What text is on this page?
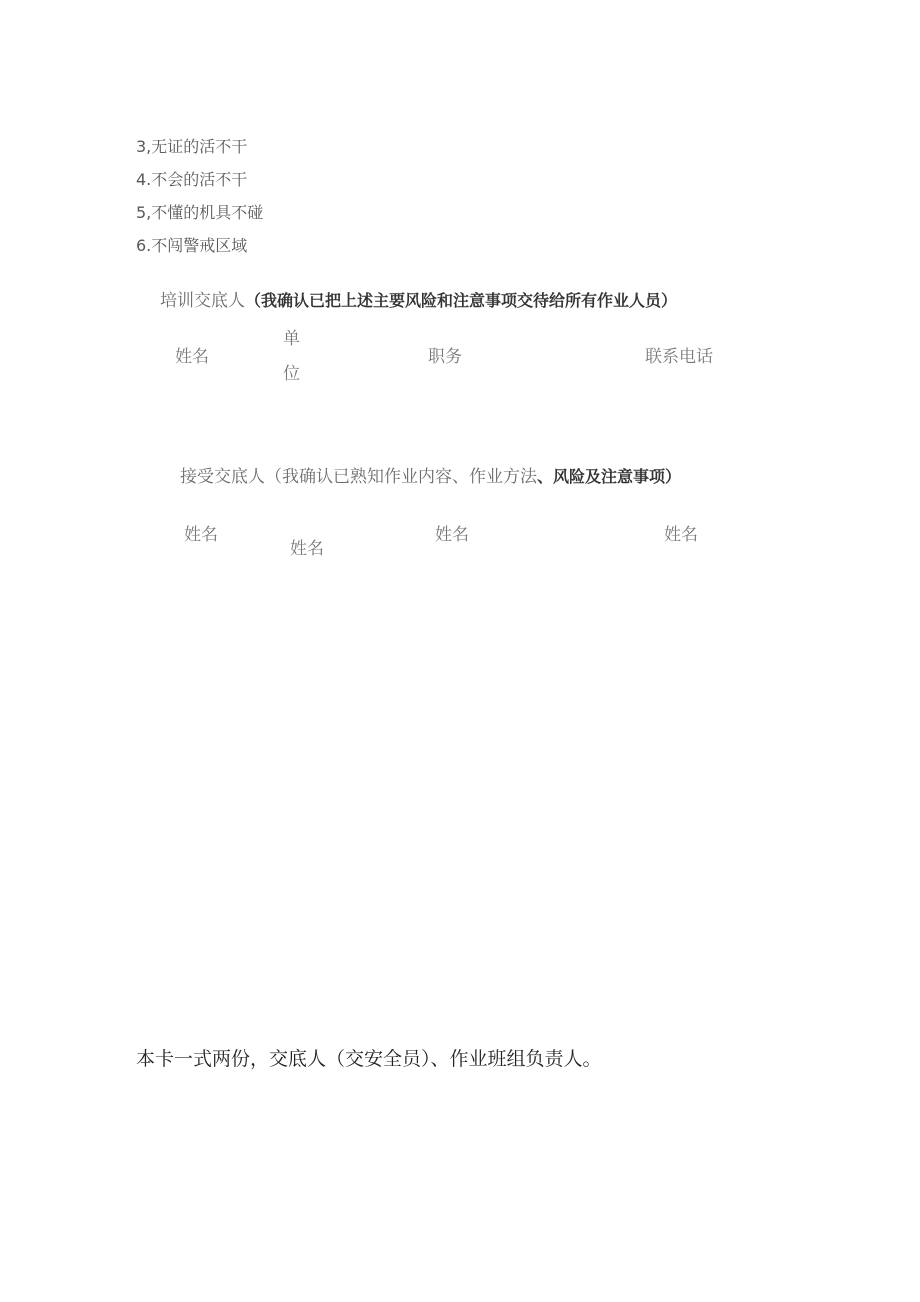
3,无证的活不干
4.不会的活不干
5,不懂的机具不碰
6.不闯警戒区域
培训交底人（我确认已把上述主要风险和注意事项交待给所有作业人员）
姓名
单
位
职务	联系电话
接受交底人（我确认已熟知作业内容、作业方法、风险及注意事项）
姓名
姓名
姓名	姓名
本卡一式两份，交底人（交安全员）、作业班组负责人。
